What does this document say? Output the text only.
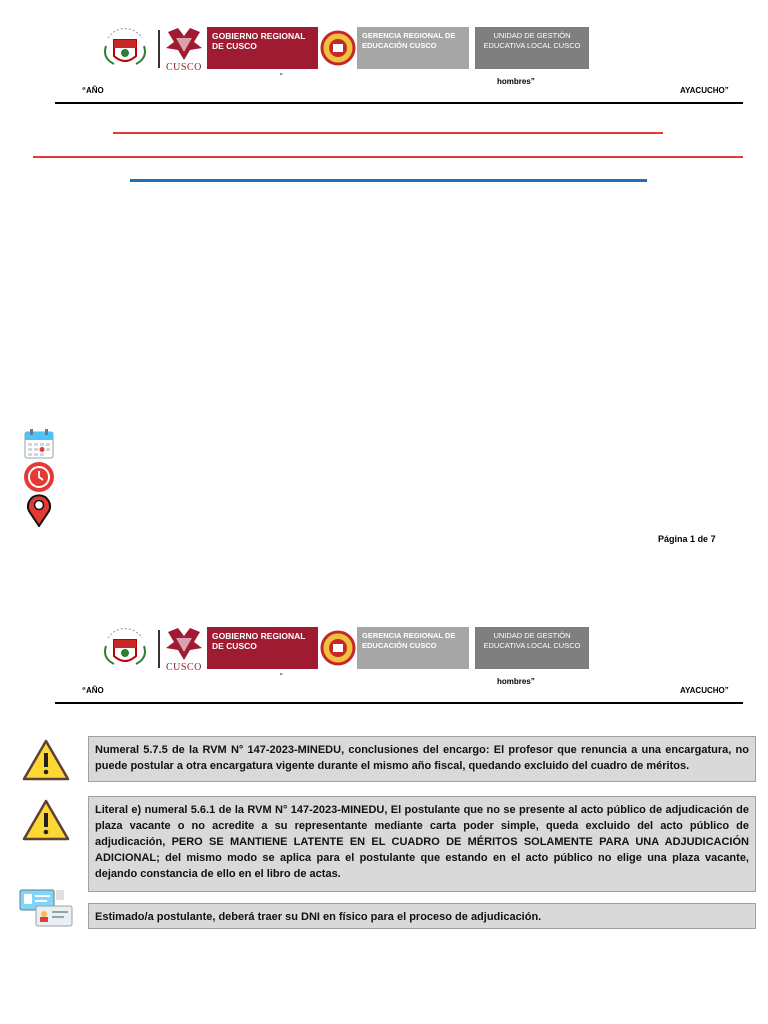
CUSCO
GOBIERNO REGIONAL DE CUSCO
GERENCIA REGIONAL DE EDUCACIÓN CUSCO
UNIDAD DE GESTIÓN EDUCATIVA LOCAL CUSCO
“
hombres”
“AÑO	AYACUCHO”
Página 1 de 7
CUSCO
GOBIERNO REGIONAL DE CUSCO
GERENCIA REGIONAL DE EDUCACIÓN CUSCO
UNIDAD DE GESTIÓN EDUCATIVA LOCAL CUSCO
“
hombres”
“AÑO	AYACUCHO”
Numeral 5.7.5 de la RVM N° 147-2023-MINEDU, conclusiones del encargo: El profesor que renuncia a una encargatura, no puede postular a otra encargatura vigente durante el mismo año fiscal, quedando excluido del cuadro de méritos.
Literal e) numeral 5.6.1 de la RVM N° 147-2023-MINEDU, El postulante que no se presente al acto público de adjudicación de plaza vacante o no acredite a su representante mediante carta poder simple, queda excluido del acto público de adjudicación, PERO SE MANTIENE LATENTE EN EL CUADRO DE MÉRITOS SOLAMENTE PARA UNA ADJUDICACIÓN ADICIONAL; del mismo modo se aplica para el postulante que estando en el acto público no elige una plaza vacante, dejando constancia de ello en el libro de actas.
Estimado/a postulante, deberá traer su DNI en físico para el proceso de adjudicación.
